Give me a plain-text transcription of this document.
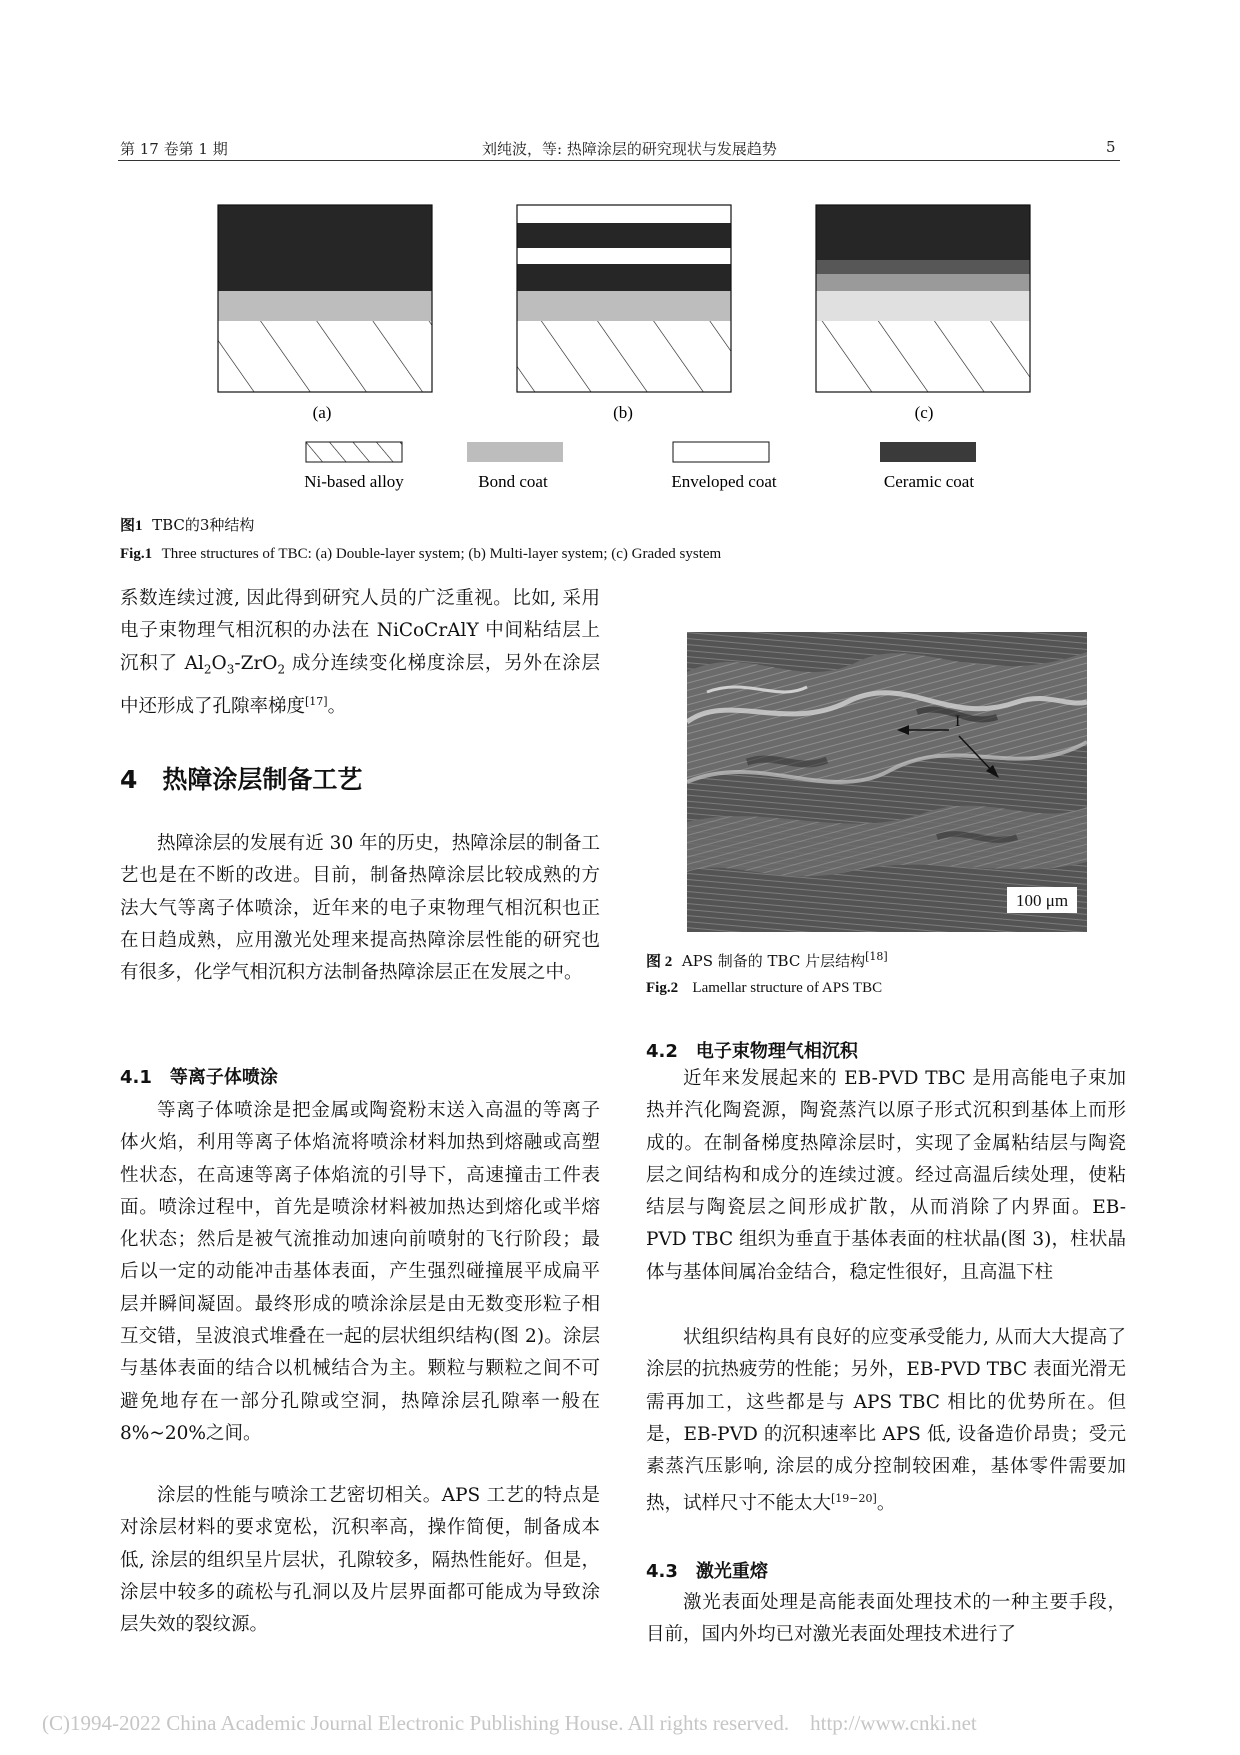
第 17 卷第 1 期	刘纯波，等: 热障涂层的研究现状与发展趋势	5
(a)	(b)	(c)
Ni-based alloy	Bond coat	Enveloped coat	Ceramic coat
图1 TBC的3种结构
Fig.1 Three structures of TBC: (a) Double-layer system; (b) Multi-layer system; (c) Graded system

系数连续过渡, 因此得到研究人员的广泛重视。比如, 采用电子束物理气相沉积的办法在 NiCoCrAlY 中间粘结层上沉积了 $Al_2O_3-ZrO_2$ 成分连续变化梯度涂层，另外在涂层中还形成了孔隙率梯度[17]。

4　热障涂层制备工艺

热障涂层的发展有近 30 年的历史，热障涂层的制备工艺也是在不断的改进。目前，制备热障涂层比较成熟的方法大气等离子体喷涂，近年来的电子束物理气相沉积也正在日趋成熟，应用激光处理来提高热障涂层性能的研究也有很多，化学气相沉积方法制备热障涂层正在发展之中。

4.1　等离子体喷涂

等离子体喷涂是把金属或陶瓷粉末送入高温的等离子体火焰，利用等离子体焰流将喷涂材料加热到熔融或高塑性状态，在高速等离子体焰流的引导下，高速撞击工件表面。喷涂过程中，首先是喷涂材料被加热达到熔化或半熔化状态；然后是被气流推动加速向前喷射的飞行阶段；最后以一定的动能冲击基体表面，产生强烈碰撞展平成扁平层并瞬间凝固。最终形成的喷涂涂层是由无数变形粒子相互交错，呈波浪式堆叠在一起的层状组织结构(图 2)。涂层与基体表面的结合以机械结合为主。颗粒与颗粒之间不可避免地存在一部分孔隙或空洞，热障涂层孔隙率一般在 8%~20%之间。

涂层的性能与喷涂工艺密切相关。APS 工艺的特点是对涂层材料的要求宽松，沉积率高，操作简便，制备成本低, 涂层的组织呈片层状，孔隙较多，隔热性能好。但是，涂层中较多的疏松与孔洞以及片层界面都可能成为导致涂层失效的裂纹源。

I
100 μm
图 2 APS 制备的 TBC 片层结构[18]
Fig.2 Lamellar structure of APS TBC
4.2　电子束物理气相沉积

近年来发展起来的 EB-PVD TBC 是用高能电子束加热并汽化陶瓷源，陶瓷蒸汽以原子形式沉积到基体上而形成的。在制备梯度热障涂层时，实现了金属粘结层与陶瓷层之间结构和成分的连续过渡。经过高温后续处理，使粘结层与陶瓷层之间形成扩散，从而消除了内界面。EB-PVD TBC 组织为垂直于基体表面的柱状晶(图 3)，柱状晶体与基体间属冶金结合，稳定性很好，且高温下柱

状组织结构具有良好的应变承受能力, 从而大大提高了涂层的抗热疲劳的性能；另外，EB-PVD TBC 表面光滑无需再加工，这些都是与 APS TBC 相比的优势所在。但是，EB-PVD 的沉积速率比 APS 低, 设备造价昂贵；受元素蒸汽压影响, 涂层的成分控制较困难，基体零件需要加热，试样尺寸不能太大[19−20]。

4.3　激光重熔

激光表面处理是高能表面处理技术的一种主要手段，目前，国内外均已对激光表面处理技术进行了

(C)1994-2022 China Academic Journal Electronic Publishing House. All rights reserved.　http://www.cnki.net
